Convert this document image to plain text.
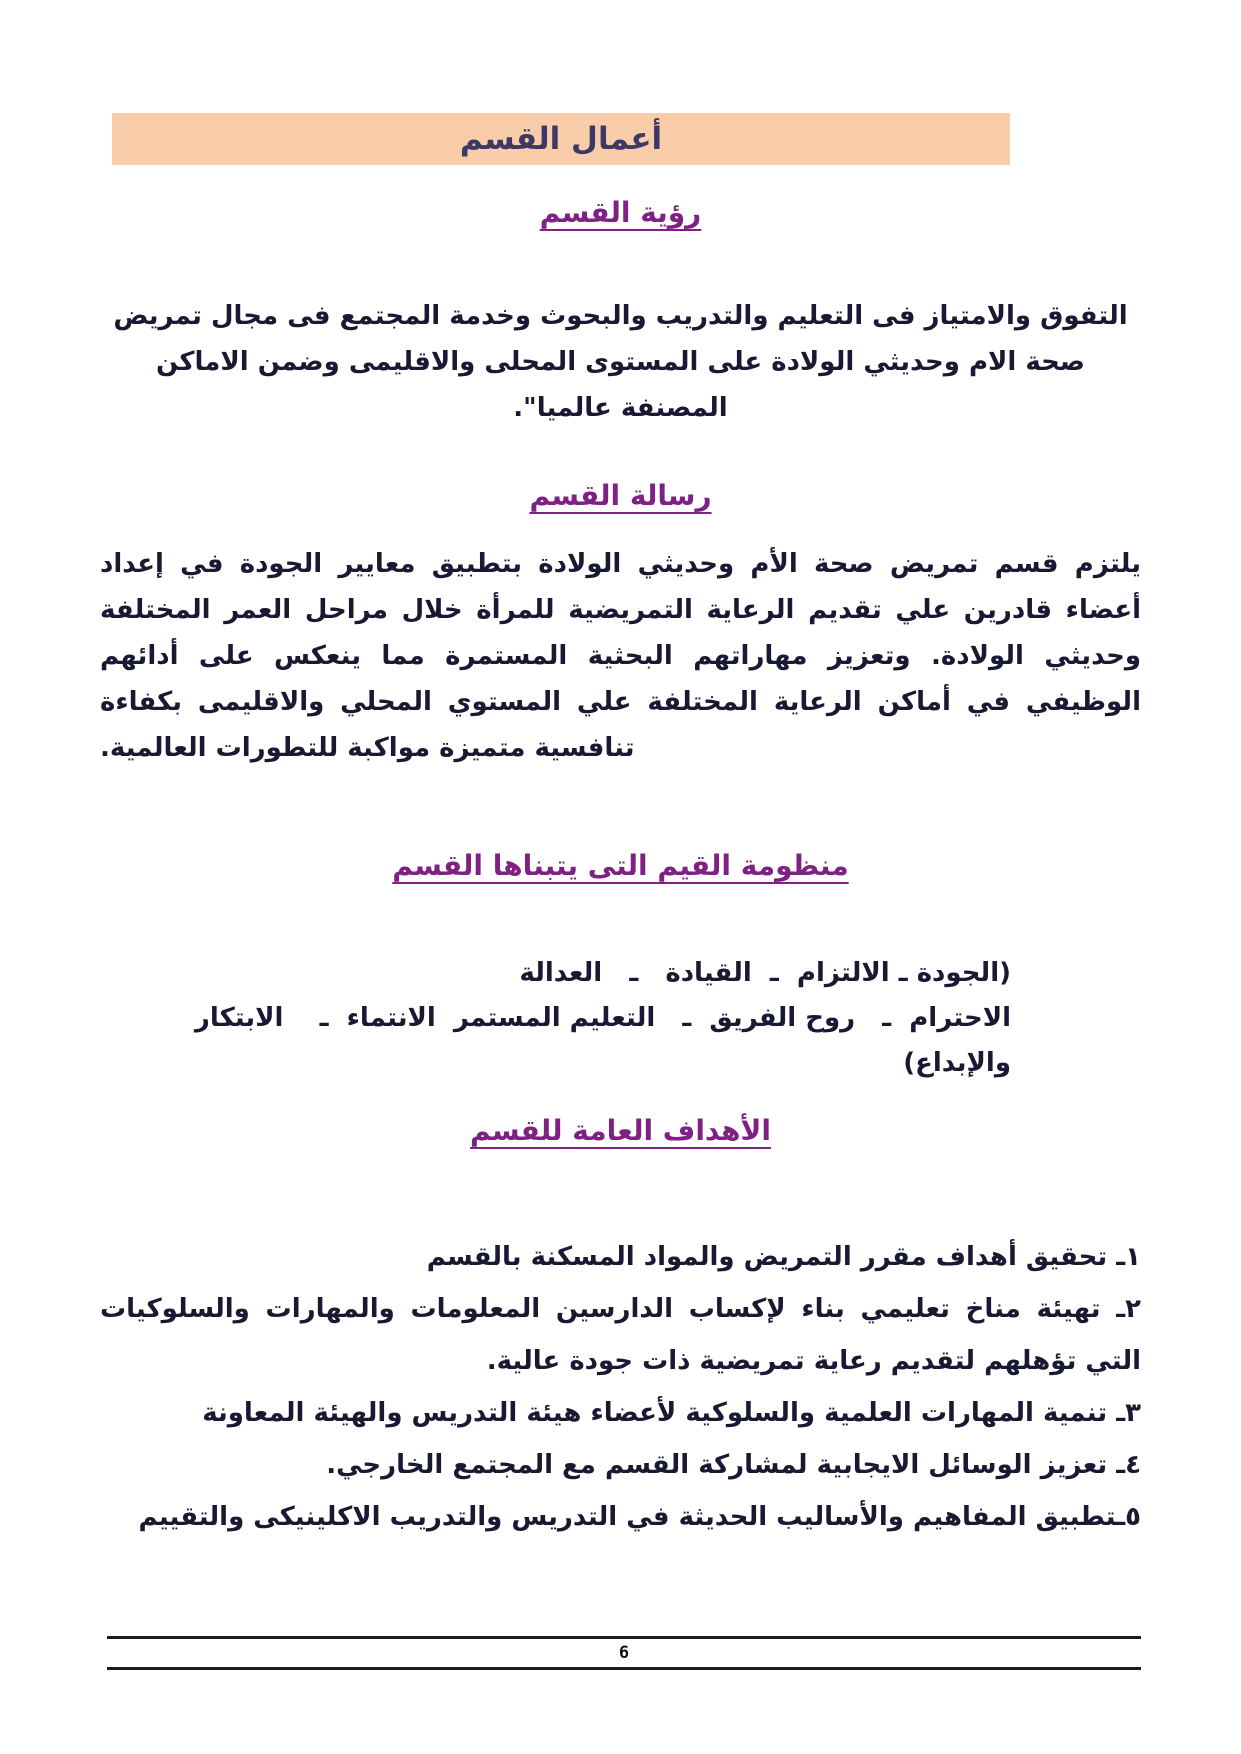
أعمال القسم
رؤية القسم

التفوق والامتياز فى التعليم والتدريب والبحوث وخدمة المجتمع فى مجال تمريض صحة الام وحديثي الولادة على المستوى المحلى والاقليمى وضمن الاماكن المصنفة عالميا".

رسالة القسم

يلتزم قسم تمريض صحة الأم وحديثي الولادة بتطبيق معايير الجودة في إعداد أعضاء قادرين علي تقديم الرعاية التمريضية للمرأة خلال مراحل العمر المختلفة وحديثي الولادة. وتعزيز مهاراتهم البحثية المستمرة مما ينعكس على أدائهم الوظيفي في أماكن الرعاية المختلفة علي المستوي المحلي والاقليمى بكفاءة تنافسية متميزة مواكبة للتطورات العالمية.

منظومة القيم التى يتبناها القسم
(الجودة ـ الالتزام  ـ  القيادة   ـ   العدالة
الاحترام  ـ   روح الفريق  ـ   التعليم المستمر  الانتماء  ـ    الابتكار والإبداع)
الأهداف العامة للقسم
١ـ تحقيق أهداف مقرر التمريض والمواد المسكنة بالقسم
٢ـ تهيئة مناخ تعليمي بناء لإكساب الدارسين المعلومات والمهارات والسلوكيات التي تؤهلهم لتقديم رعاية تمريضية ذات جودة عالية.
٣ـ تنمية المهارات العلمية والسلوكية لأعضاء هيئة التدريس والهيئة المعاونة
٤ـ تعزيز الوسائل الايجابية لمشاركة القسم مع المجتمع الخارجي.
٥ـتطبيق المفاهيم والأساليب الحديثة في التدريس والتدريب الاكلينيكى والتقييم
6
